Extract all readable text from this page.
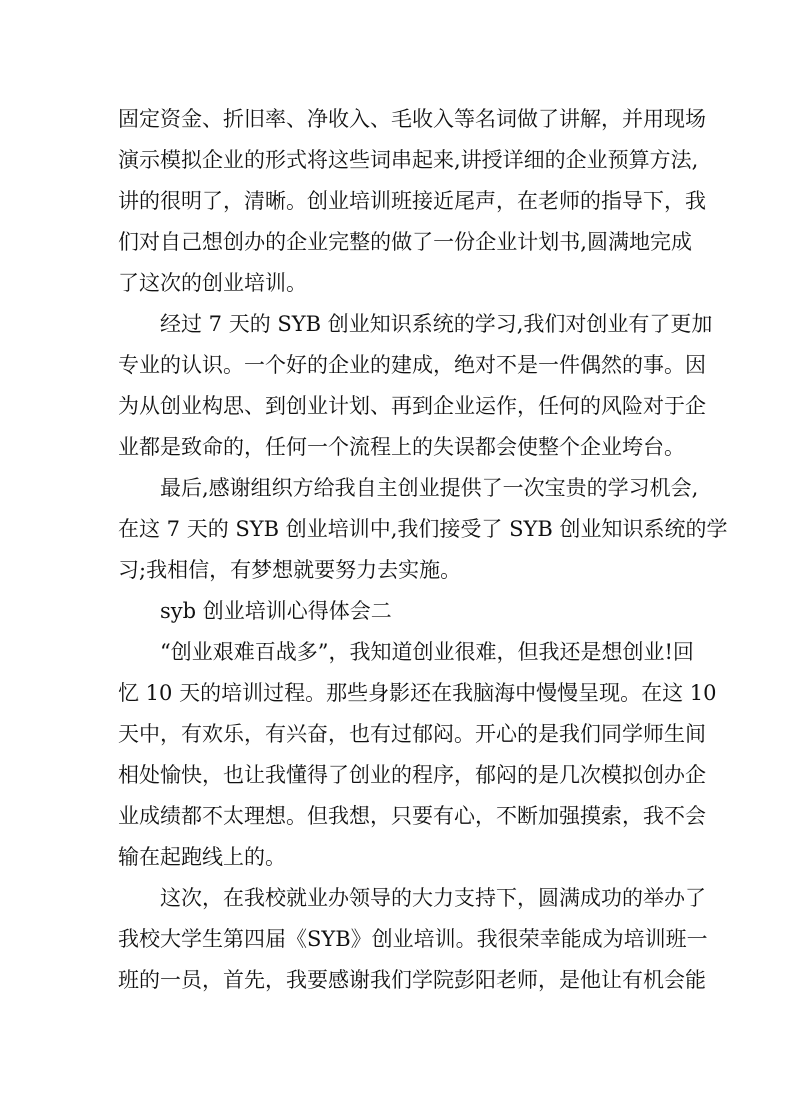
固定资金、折旧率、净收入、毛收入等名词做了讲解，并用现场
演示模拟企业的形式将这些词串起来,讲授详细的企业预算方法,
讲的很明了，清晰。创业培训班接近尾声，在老师的指导下，我
们对自己想创办的企业完整的做了一份企业计划书,圆满地完成
了这次的创业培训。
经过 7 天的 SYB 创业知识系统的学习,我们对创业有了更加
专业的认识。一个好的企业的建成，绝对不是一件偶然的事。因
为从创业构思、到创业计划、再到企业运作，任何的风险对于企
业都是致命的，任何一个流程上的失误都会使整个企业垮台。
最后,感谢组织方给我自主创业提供了一次宝贵的学习机会,
在这 7 天的 SYB 创业培训中,我们接受了 SYB 创业知识系统的学
习;我相信，有梦想就要努力去实施。
syb 创业培训心得体会二
“创业艰难百战多”，我知道创业很难，但我还是想创业!回
忆 10 天的培训过程。那些身影还在我脑海中慢慢呈现。在这 10
天中，有欢乐，有兴奋，也有过郁闷。开心的是我们同学师生间
相处愉快，也让我懂得了创业的程序，郁闷的是几次模拟创办企
业成绩都不太理想。但我想，只要有心，不断加强摸索，我不会
输在起跑线上的。
这次，在我校就业办领导的大力支持下，圆满成功的举办了
我校大学生第四届《SYB》创业培训。我很荣幸能成为培训班一
班的一员，首先，我要感谢我们学院彭阳老师，是他让有机会能
